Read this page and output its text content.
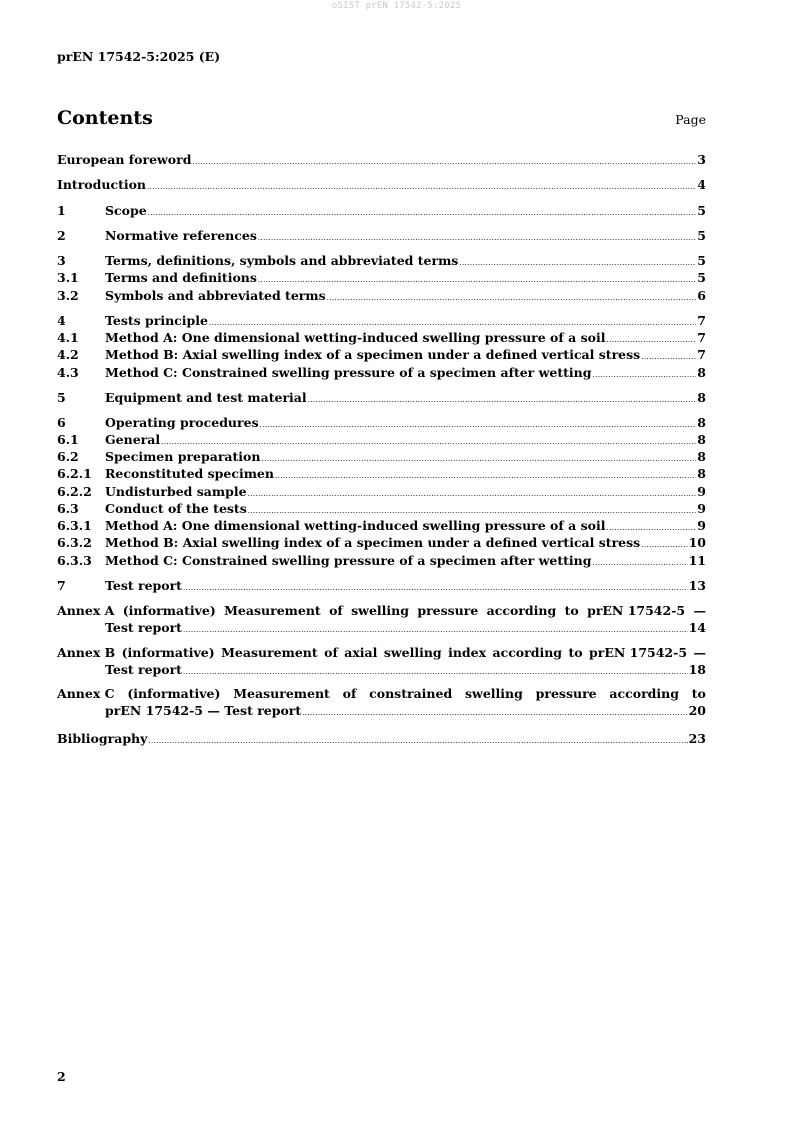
oSIST prEN 17542-5:2025
prEN 17542-5:2025 (E)
Contents	Page
European foreword .....	3
Introduction .....	4
1	Scope .....	5
2	Normative references .....	5
3	Terms, definitions, symbols and abbreviated terms .....	5
3.1	Terms and definitions .....	5
3.2	Symbols and abbreviated terms .....	6
4	Tests principle .....	7
4.1	Method A: One dimensional wetting-induced swelling pressure of a soil .....	7
4.2	Method B: Axial swelling index of a specimen under a defined vertical stress .....	7
4.3	Method C: Constrained swelling pressure of a specimen after wetting .....	8
5	Equipment and test material .....	8
6	Operating procedures .....	8
6.1	General .....	8
6.2	Specimen preparation .....	8
6.2.1	Reconstituted specimen .....	8
6.2.2	Undisturbed sample .....	9
6.3	Conduct of the tests .....	9
6.3.1	Method A: One dimensional wetting-induced swelling pressure of a soil .....	9
6.3.2	Method B: Axial swelling index of a specimen under a defined vertical stress .....	10
6.3.3	Method C: Constrained swelling pressure of a specimen after wetting .....	11
7	Test report .....	13
Annex A (informative) Measurement of swelling pressure according to prEN 17542-5 —
Test report .....	14
Annex B (informative) Measurement of axial swelling index according to prEN 17542-5 —
Test report .....	18
Annex C (informative) Measurement of constrained swelling pressure according to
prEN 17542-5 — Test report .....	20
Bibliography .....	23
2
